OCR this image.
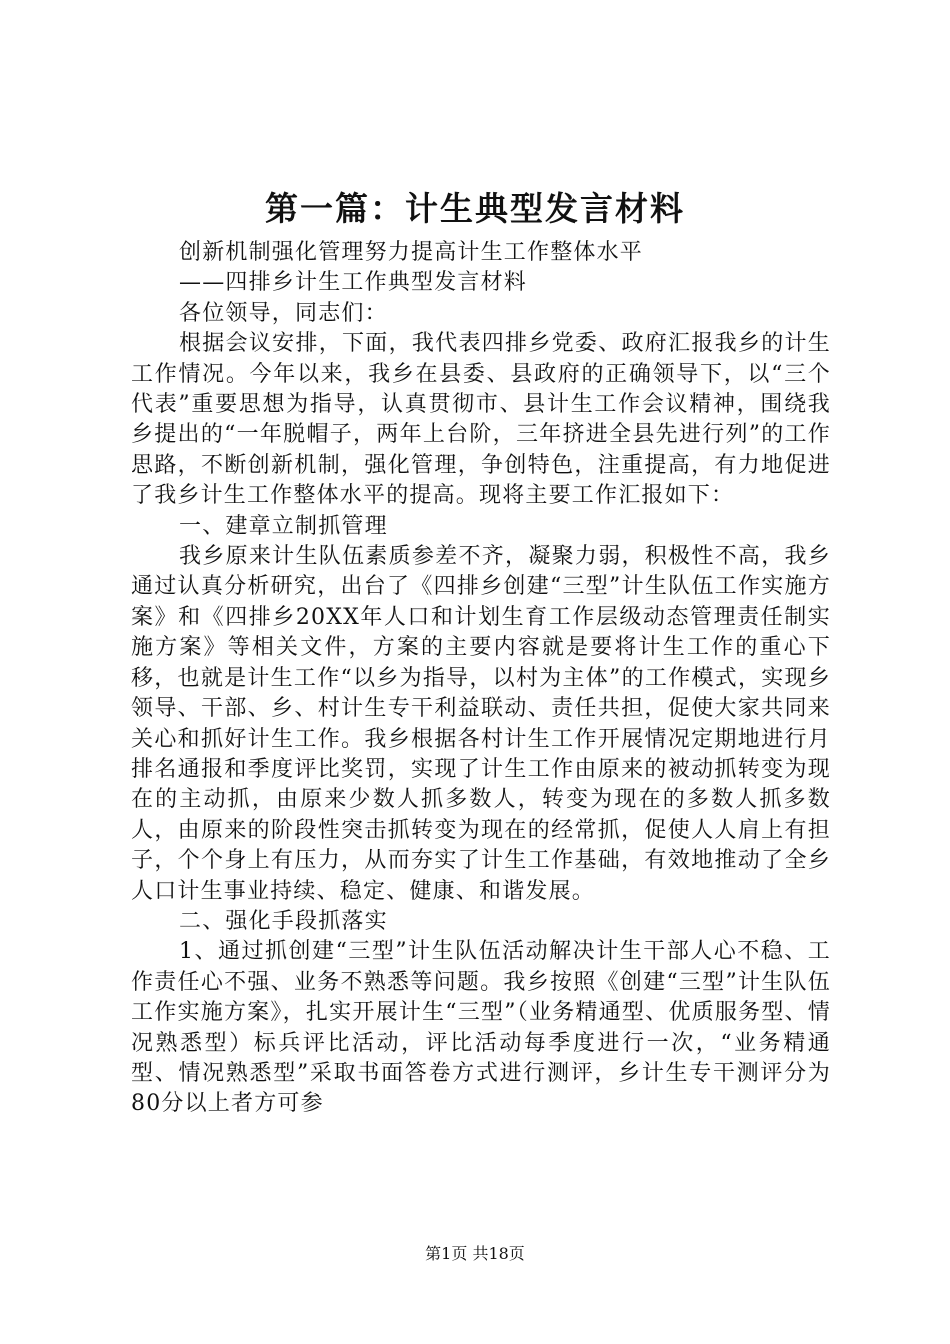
第一篇：计生典型发言材料

创新机制强化管理努力提高计生工作整体水平

——四排乡计生工作典型发言材料

各位领导，同志们：

根据会议安排，下面，我代表四排乡党委、政府汇报我乡的计生工作情况。今年以来，我乡在县委、县政府的正确领导下，以“三个代表”重要思想为指导，认真贯彻市、县计生工作会议精神，围绕我乡提出的“一年脱帽子，两年上台阶，三年挤进全县先进行列”的工作思路，不断创新机制，强化管理，争创特色，注重提高，有力地促进了我乡计生工作整体水平的提高。现将主要工作汇报如下：

一、建章立制抓管理

我乡原来计生队伍素质参差不齐，凝聚力弱，积极性不高，我乡通过认真分析研究，出台了《四排乡创建“三型”计生队伍工作实施方案》和《四排乡20XX年人口和计划生育工作层级动态管理责任制实施方案》等相关文件，方案的主要内容就是要将计生工作的重心下移，也就是计生工作“以乡为指导，以村为主体”的工作模式，实现乡领导、干部、乡、村计生专干利益联动、责任共担，促使大家共同来关心和抓好计生工作。我乡根据各村计生工作开展情况定期地进行月排名通报和季度评比奖罚，实现了计生工作由原来的被动抓转变为现在的主动抓，由原来少数人抓多数人，转变为现在的多数人抓多数人，由原来的阶段性突击抓转变为现在的经常抓，促使人人肩上有担子，个个身上有压力，从而夯实了计生工作基础，有效地推动了全乡人口计生事业持续、稳定、健康、和谐发展。

二、强化手段抓落实

1、通过抓创建“三型”计生队伍活动解决计生干部人心不稳、工作责任心不强、业务不熟悉等问题。我乡按照《创建“三型”计生队伍工作实施方案》，扎实开展计生“三型”（业务精通型、优质服务型、情况熟悉型）标兵评比活动，评比活动每季度进行一次，“业务精通型、情况熟悉型”采取书面答卷方式进行测评，乡计生专干测评分为80分以上者方可参

第1页 共18页
